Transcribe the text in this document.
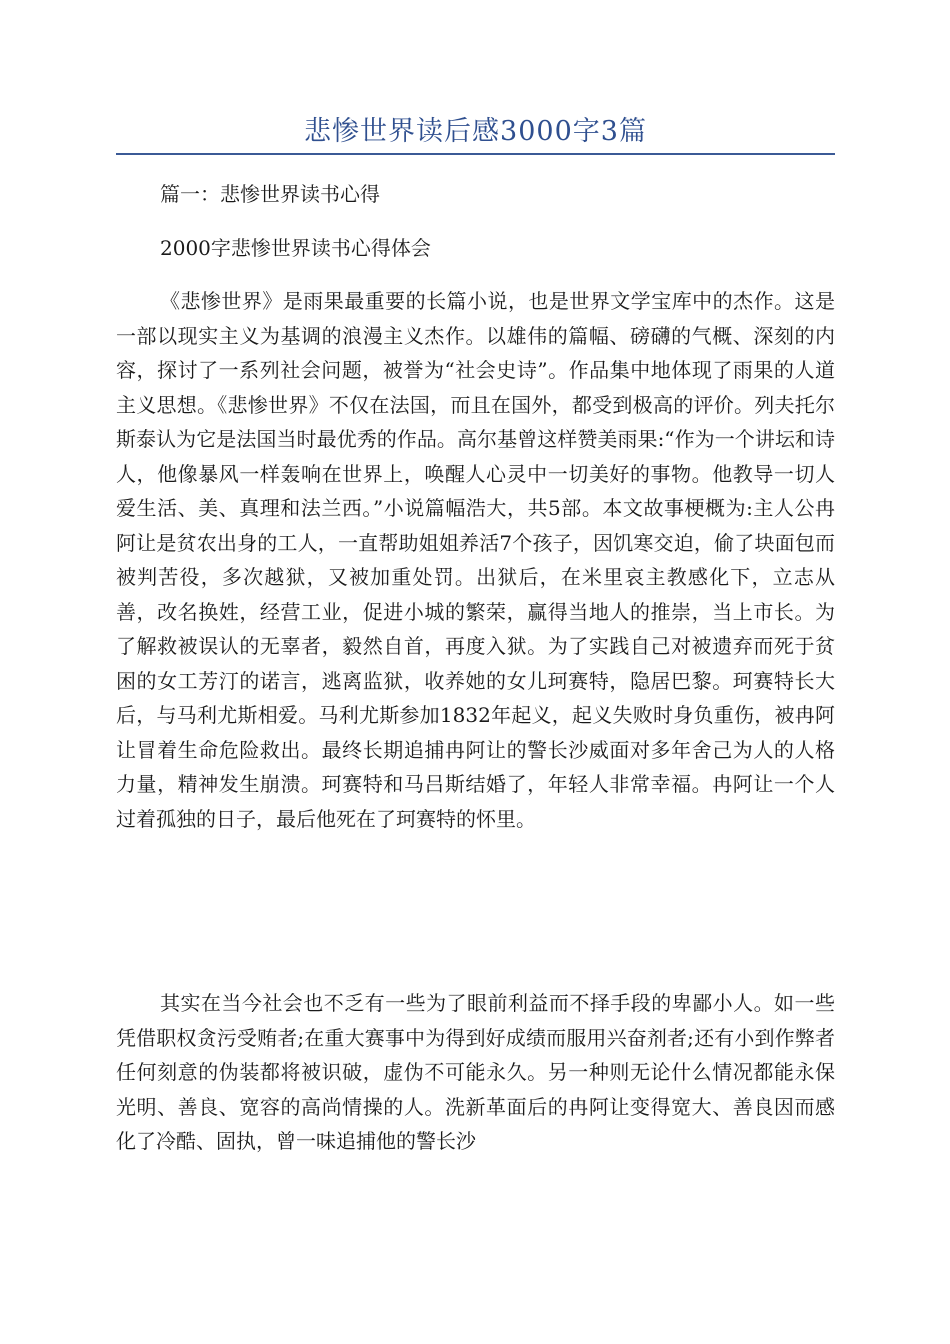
悲惨世界读后感3000字3篇
篇一：悲惨世界读书心得
2000字悲惨世界读书心得体会

《悲惨世界》是雨果最重要的长篇小说，也是世界文学宝库中的杰作。这是一部以现实主义为基调的浪漫主义杰作。以雄伟的篇幅、磅礴的气概、深刻的内容，探讨了一系列社会问题，被誉为“社会史诗”。作品集中地体现了雨果的人道主义思想。《悲惨世界》不仅在法国，而且在国外，都受到极高的评价。列夫托尔斯泰认为它是法国当时最优秀的作品。高尔基曾这样赞美雨果:“作为一个讲坛和诗人，他像暴风一样轰响在世界上，唤醒人心灵中一切美好的事物。他教导一切人爱生活、美、真理和法兰西。”小说篇幅浩大，共5部。本文故事梗概为:主人公冉阿让是贫农出身的工人，一直帮助姐姐养活7个孩子，因饥寒交迫，偷了块面包而被判苦役，多次越狱，又被加重处罚。出狱后，在米里哀主教感化下，立志从善，改名换姓，经营工业，促进小城的繁荣，赢得当地人的推崇，当上市长。为了解救被误认的无辜者，毅然自首，再度入狱。为了实践自己对被遗弃而死于贫困的女工芳汀的诺言，逃离监狱，收养她的女儿珂赛特，隐居巴黎。珂赛特长大后，与马利尤斯相爱。马利尤斯参加1832年起义，起义失败时身负重伤，被冉阿让冒着生命危险救出。最终长期追捕冉阿让的警长沙威面对多年舍己为人的人格力量，精神发生崩溃。珂赛特和马吕斯结婚了，年轻人非常幸福。冉阿让一个人过着孤独的日子，最后他死在了珂赛特的怀里。

其实在当今社会也不乏有一些为了眼前利益而不择手段的卑鄙小人。如一些凭借职权贪污受贿者;在重大赛事中为得到好成绩而服用兴奋剂者;还有小到作弊者任何刻意的伪装都将被识破，虚伪不可能永久。另一种则无论什么情况都能永保光明、善良、宽容的高尚情操的人。洗新革面后的冉阿让变得宽大、善良因而感化了冷酷、固执，曾一味追捕他的警长沙
